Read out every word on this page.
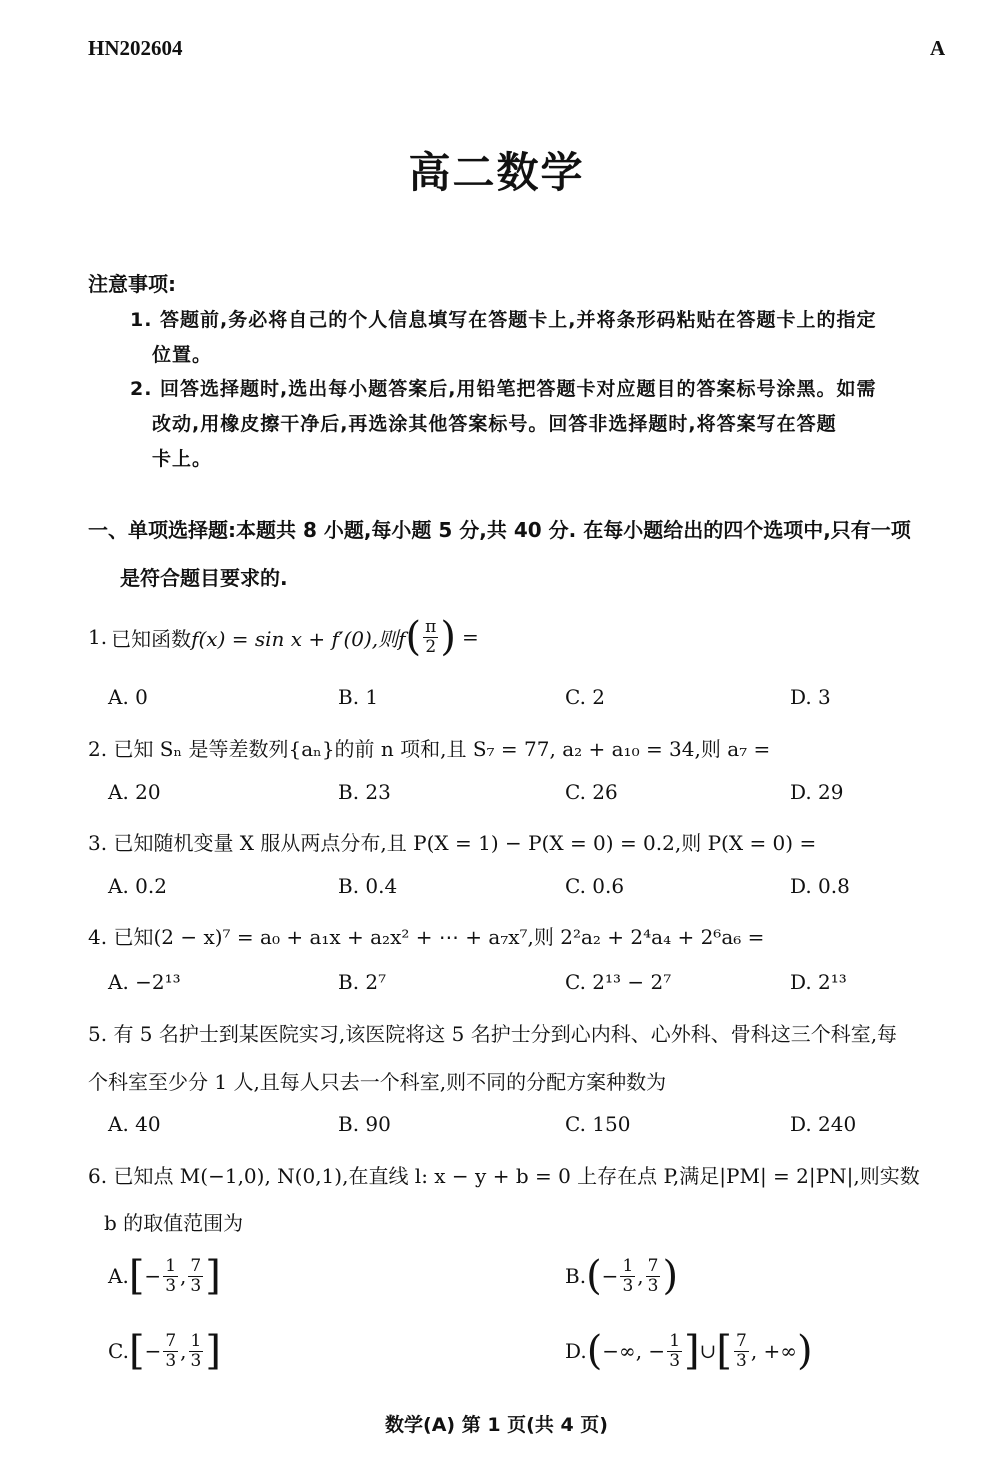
HN202604	A
高二数学
注意事项:
1. 答题前,务必将自己的个人信息填写在答题卡上,并将条形码粘贴在答题卡上的指定
位置。
2. 回答选择题时,选出每小题答案后,用铅笔把答题卡对应题目的答案标号涂黑。如需
改动,用橡皮擦干净后,再选涂其他答案标号。回答非选择题时,将答案写在答题
卡上。
一、单项选择题:本题共 8 小题,每小题 5 分,共 40 分. 在每小题给出的四个选项中,只有一项
是符合题目要求的.
1. 已知函数 f(x) = sin x + f′(0),则f ( $\frac{\pi}{2}$ ) =
A. 0	B. 1	C. 2	D. 3
2. 已知 Sₙ 是等差数列{aₙ}的前 n 项和,且 S₇ = 77, a₂ + a₁₀ = 34,则 a₇ =
A. 20	B. 23	C. 26	D. 29
3. 已知随机变量 X 服从两点分布,且 P(X = 1) − P(X = 0) = 0.2,则 P(X = 0) =
A. 0.2	B. 0.4	C. 0.6	D. 0.8
4. 已知(2 − x)⁷ = a₀ + a₁x + a₂x² + ⋯ + a₇x⁷,则 2²a₂ + 2⁴a₄ + 2⁶a₆ =
A. −2¹³	B. 2⁷	C. 2¹³ − 2⁷	D. 2¹³
5. 有 5 名护士到某医院实习,该医院将这 5 名护士分到心内科、心外科、骨科这三个科室,每
个科室至少分 1 人,且每人只去一个科室,则不同的分配方案种数为
A. 40	B. 90	C. 150	D. 240
6. 已知点 M(−1,0), N(0,1),在直线 l: x − y + b = 0 上存在点 P,满足|PM| = 2|PN|,则实数
b 的取值范围为
A. [ − $\frac{1}{3}$ , $\frac{7}{3}$ ]	B. ( − $\frac{1}{3}$ , $\frac{7}{3}$ )
C. [ − $\frac{7}{3}$ , $\frac{1}{3}$ ]	D. ( −∞, − $\frac{1}{3}$ ] ∪ [ $\frac{7}{3}$ , +∞ )
数学(A) 第 1 页(共 4 页)
